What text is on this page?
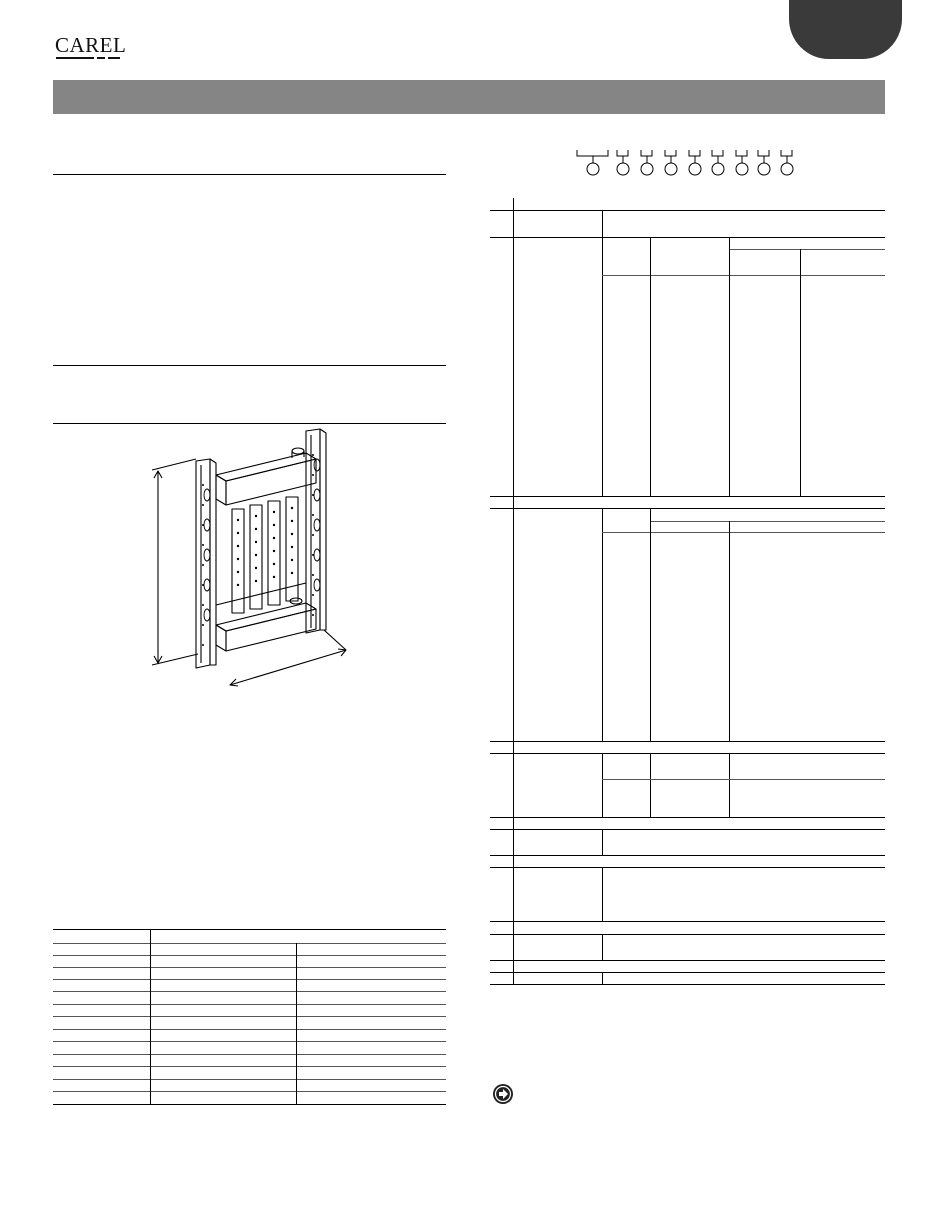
CAREL
